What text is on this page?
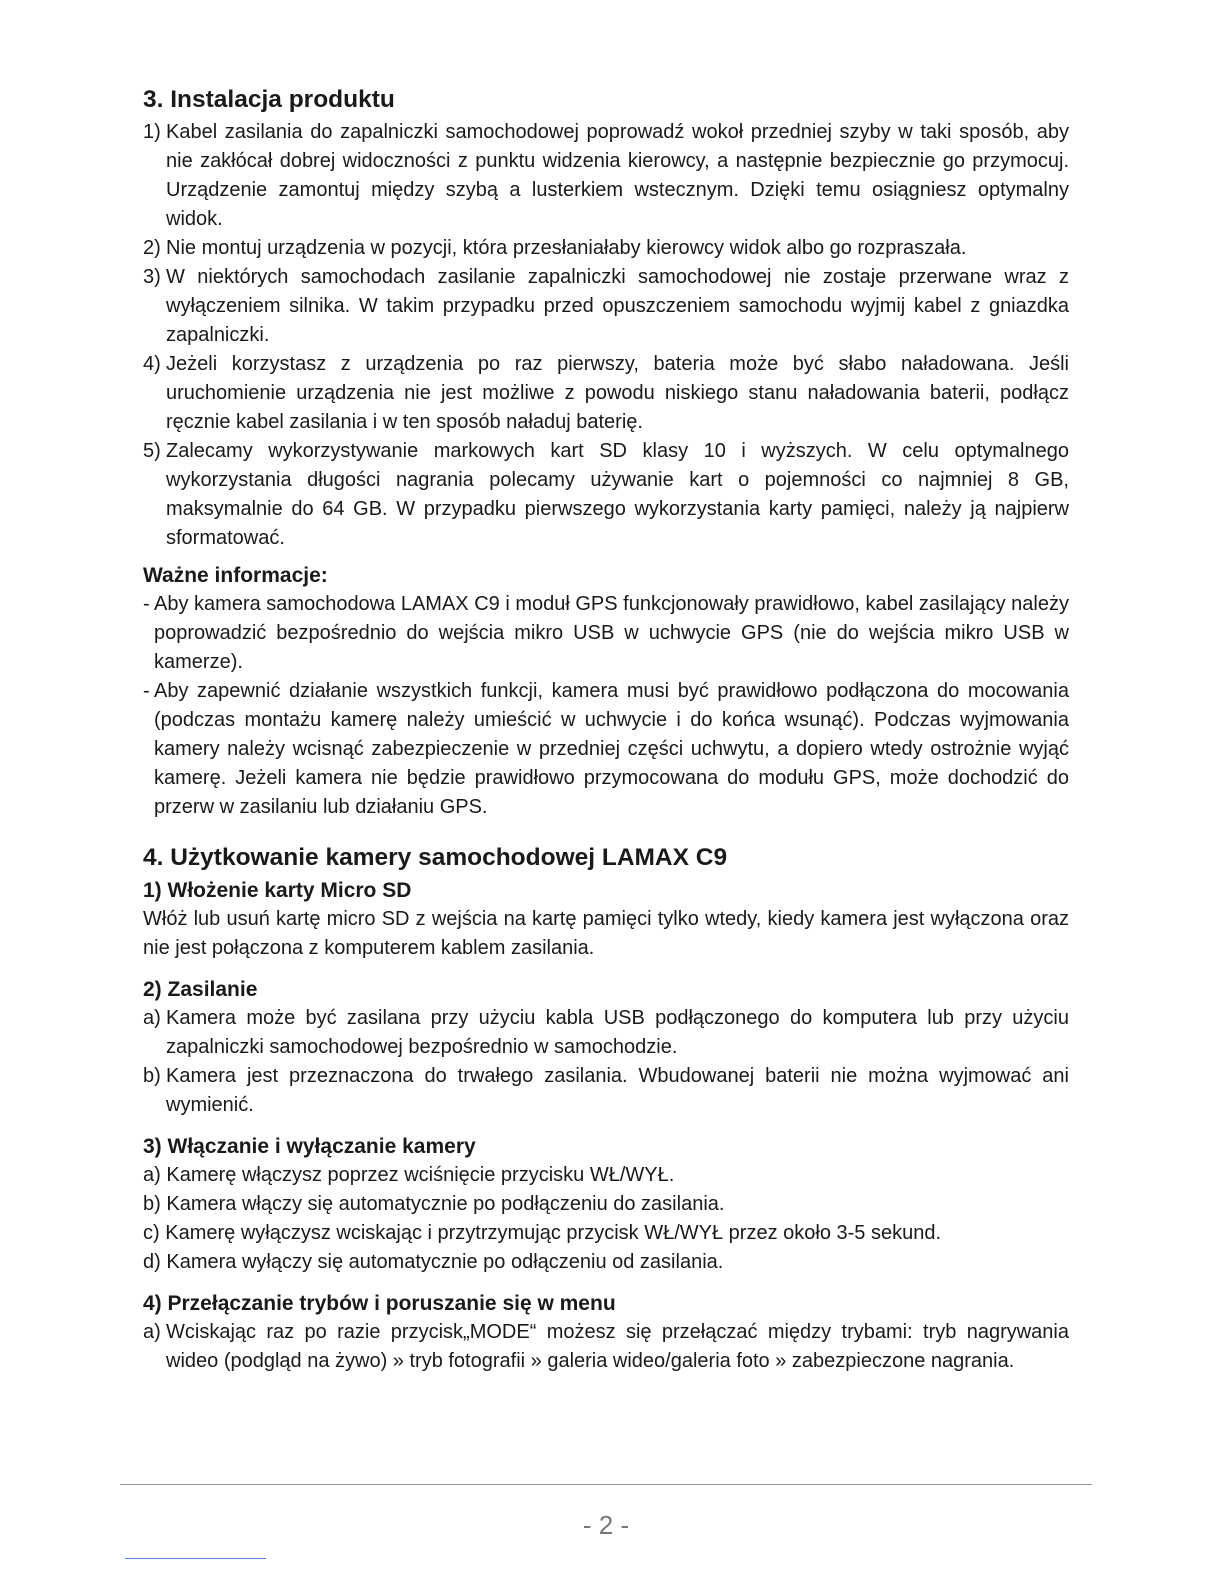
3. Instalacja produktu
1) Kabel zasilania do zapalniczki samochodowej poprowadź wokoł przedniej szyby w taki sposób, aby nie zakłócał dobrej widoczności z punktu widzenia kierowcy, a następnie bezpiecznie go przymocuj. Urządzenie zamontuj między szybą a lusterkiem wstecznym. Dzięki temu osiągniesz optymalny widok.
2) Nie montuj urządzenia w pozycji, która przesłaniałaby kierowcy widok albo go rozpraszała.
3) W niektórych samochodach zasilanie zapalniczki samochodowej nie zostaje przerwane wraz z wyłączeniem silnika. W takim przypadku przed opuszczeniem samochodu wyjmij kabel z gniazdka zapalniczki.
4) Jeżeli korzystasz z urządzenia po raz pierwszy, bateria może być słabo naładowana. Jeśli uruchomienie urządzenia nie jest możliwe z powodu niskiego stanu naładowania baterii, podłącz ręcznie kabel zasilania i w ten sposób naładuj baterię.
5) Zalecamy wykorzystywanie markowych kart SD klasy 10 i wyższych. W celu optymalnego wykorzystania długości nagrania polecamy używanie kart o pojemności co najmniej 8 GB, maksymalnie do 64 GB. W przypadku pierwszego wykorzystania karty pamięci, należy ją najpierw sformatować.
Ważne informacje:
- Aby kamera samochodowa LAMAX C9 i moduł GPS funkcjonowały prawidłowo, kabel zasilający należy poprowadzić bezpośrednio do wejścia mikro USB w uchwycie GPS (nie do wejścia mikro USB w kamerze).
- Aby zapewnić działanie wszystkich funkcji, kamera musi być prawidłowo podłączona do mocowania (podczas montażu kamerę należy umieścić w uchwycie i do końca wsunąć). Podczas wyjmowania kamery należy wcisnąć zabezpieczenie w przedniej części uchwytu, a dopiero wtedy ostrożnie wyjąć kamerę. Jeżeli kamera nie będzie prawidłowo przymocowana do modułu GPS, może dochodzić do przerw w zasilaniu lub działaniu GPS.
4. Użytkowanie kamery samochodowej LAMAX C9
1) Włożenie karty Micro SD

Włóż lub usuń kartę micro SD z wejścia na kartę pamięci tylko wtedy, kiedy kamera jest wyłączona oraz nie jest połączona z komputerem kablem zasilania.

2) Zasilanie
a) Kamera może być zasilana przy użyciu kabla USB podłączonego do komputera lub przy użyciu zapalniczki samochodowej bezpośrednio w samochodzie.
b) Kamera jest przeznaczona do trwałego zasilania. Wbudowanej baterii nie można wyjmować ani wymienić.
3) Włączanie i wyłączanie kamery
a) Kamerę włączysz poprzez wciśnięcie przycisku WŁ/WYŁ.
b) Kamera włączy się automatycznie po podłączeniu do zasilania.
c) Kamerę wyłączysz wciskając i przytrzymując przycisk WŁ/WYŁ przez około 3-5 sekund.
d) Kamera wyłączy się automatycznie po odłączeniu od zasilania.
4) Przełączanie trybów i poruszanie się w menu
a) Wciskając raz po razie przycisk„MODE“ możesz się przełączać między trybami: tryb nagrywania wideo (podgląd na żywo) » tryb fotografii » galeria wideo/galeria foto » zabezpieczone nagrania.
- 2 -
